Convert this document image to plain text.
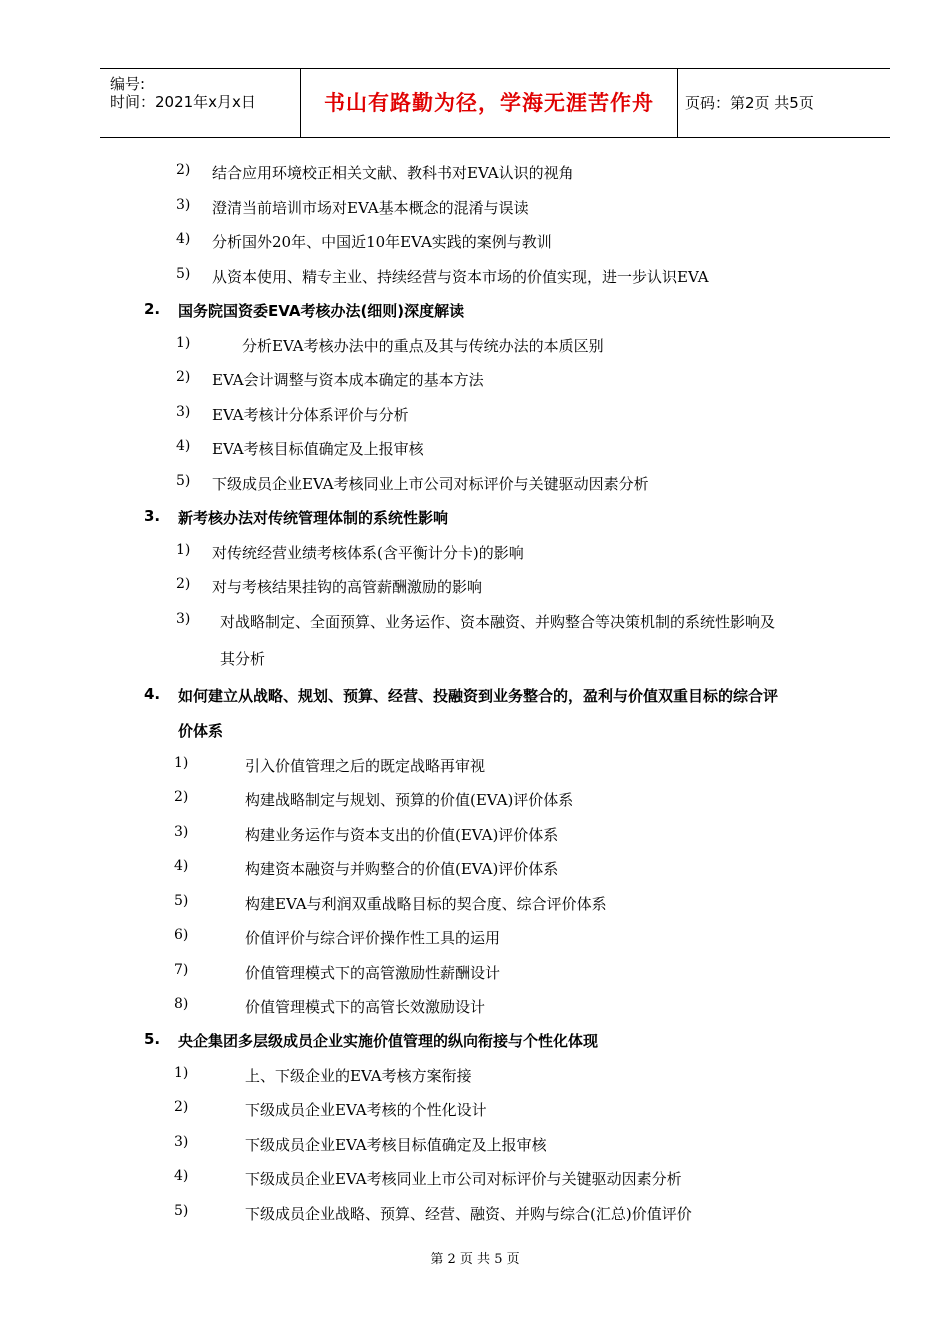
编号:
时间：2021年x月x日	书山有路勤为径，学海无涯苦作舟	页码：第2页 共5页
2) 结合应用环境校正相关文献、教科书对EVA认识的视角
3) 澄清当前培训市场对EVA基本概念的混淆与误读
4) 分析国外20年、中国近10年EVA实践的案例与教训
5) 从资本使用、精专主业、持续经营与资本市场的价值实现，进一步认识EVA
2. 国务院国资委EVA考核办法(细则)深度解读
1)	分析EVA考核办法中的重点及其与传统办法的本质区别
2) EVA会计调整与资本成本确定的基本方法
3) EVA考核计分体系评价与分析
4) EVA考核目标值确定及上报审核
5) 下级成员企业EVA考核同业上市公司对标评价与关键驱动因素分析
3. 新考核办法对传统管理体制的系统性影响
1) 对传统经营业绩考核体系(含平衡计分卡)的影响
2) 对与考核结果挂钩的高管薪酬激励的影响
3) 对战略制定、全面预算、业务运作、资本融资、并购整合等决策机制的系统性影响及
其分析
4. 如何建立从战略、规划、预算、经营、投融资到业务整合的，盈利与价值双重目标的综合评
价体系
1)	引入价值管理之后的既定战略再审视
2)	构建战略制定与规划、预算的价值(EVA)评价体系
3)	构建业务运作与资本支出的价值(EVA)评价体系
4)	构建资本融资与并购整合的价值(EVA)评价体系
5)	构建EVA与利润双重战略目标的契合度、综合评价体系
6)	价值评价与综合评价操作性工具的运用
7)	价值管理模式下的高管激励性薪酬设计
8)	价值管理模式下的高管长效激励设计
5. 央企集团多层级成员企业实施价值管理的纵向衔接与个性化体现
1)	上、下级企业的EVA考核方案衔接
2)	下级成员企业EVA考核的个性化设计
3)	下级成员企业EVA考核目标值确定及上报审核
4)	下级成员企业EVA考核同业上市公司对标评价与关键驱动因素分析
5)	下级成员企业战略、预算、经营、融资、并购与综合(汇总)价值评价
第 2 页 共 5 页
